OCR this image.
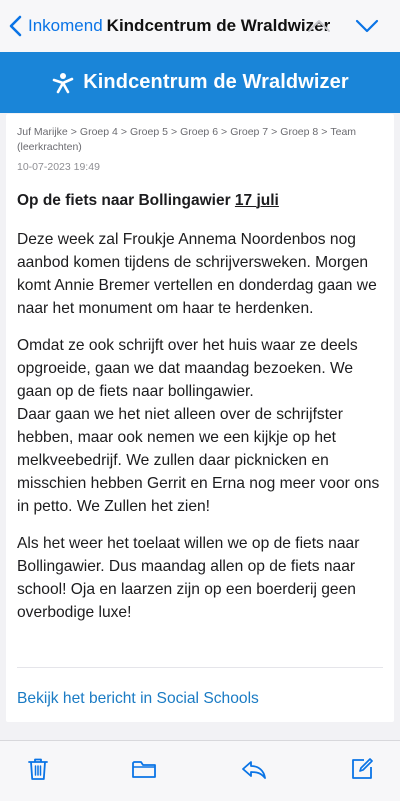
Inkomend Kindcentrum de Wraldwizer
Kindcentrum de Wraldwizer
Juf Marijke > Groep 4 > Groep 5 > Groep 6 > Groep 7 > Groep 8 > Team (leerkrachten)
10-07-2023 19:49
Op de fiets naar Bollingawier 17 juli

Deze week zal Froukje Annema Noordenbos nog aanbod komen tijdens de schrijversweken. Morgen komt Annie Bremer vertellen en donderdag gaan we naar het monument om haar te herdenken.

Omdat ze ook schrijft over het huis waar ze deels opgroeide, gaan we dat maandag bezoeken. We gaan op de fiets naar bollingawier.

Daar gaan we het niet alleen over de schrijfster hebben, maar ook nemen we een kijkje op het melkveebedrijf. We zullen daar picknicken en misschien hebben Gerrit en Erna nog meer voor ons in petto. We Zullen het zien!

Als het weer het toelaat willen we op de fiets naar Bollingawier. Dus maandag allen op de fiets naar school! Oja en laarzen zijn op een boerderij geen overbodige luxe!

Bekijk het bericht in Social Schools
